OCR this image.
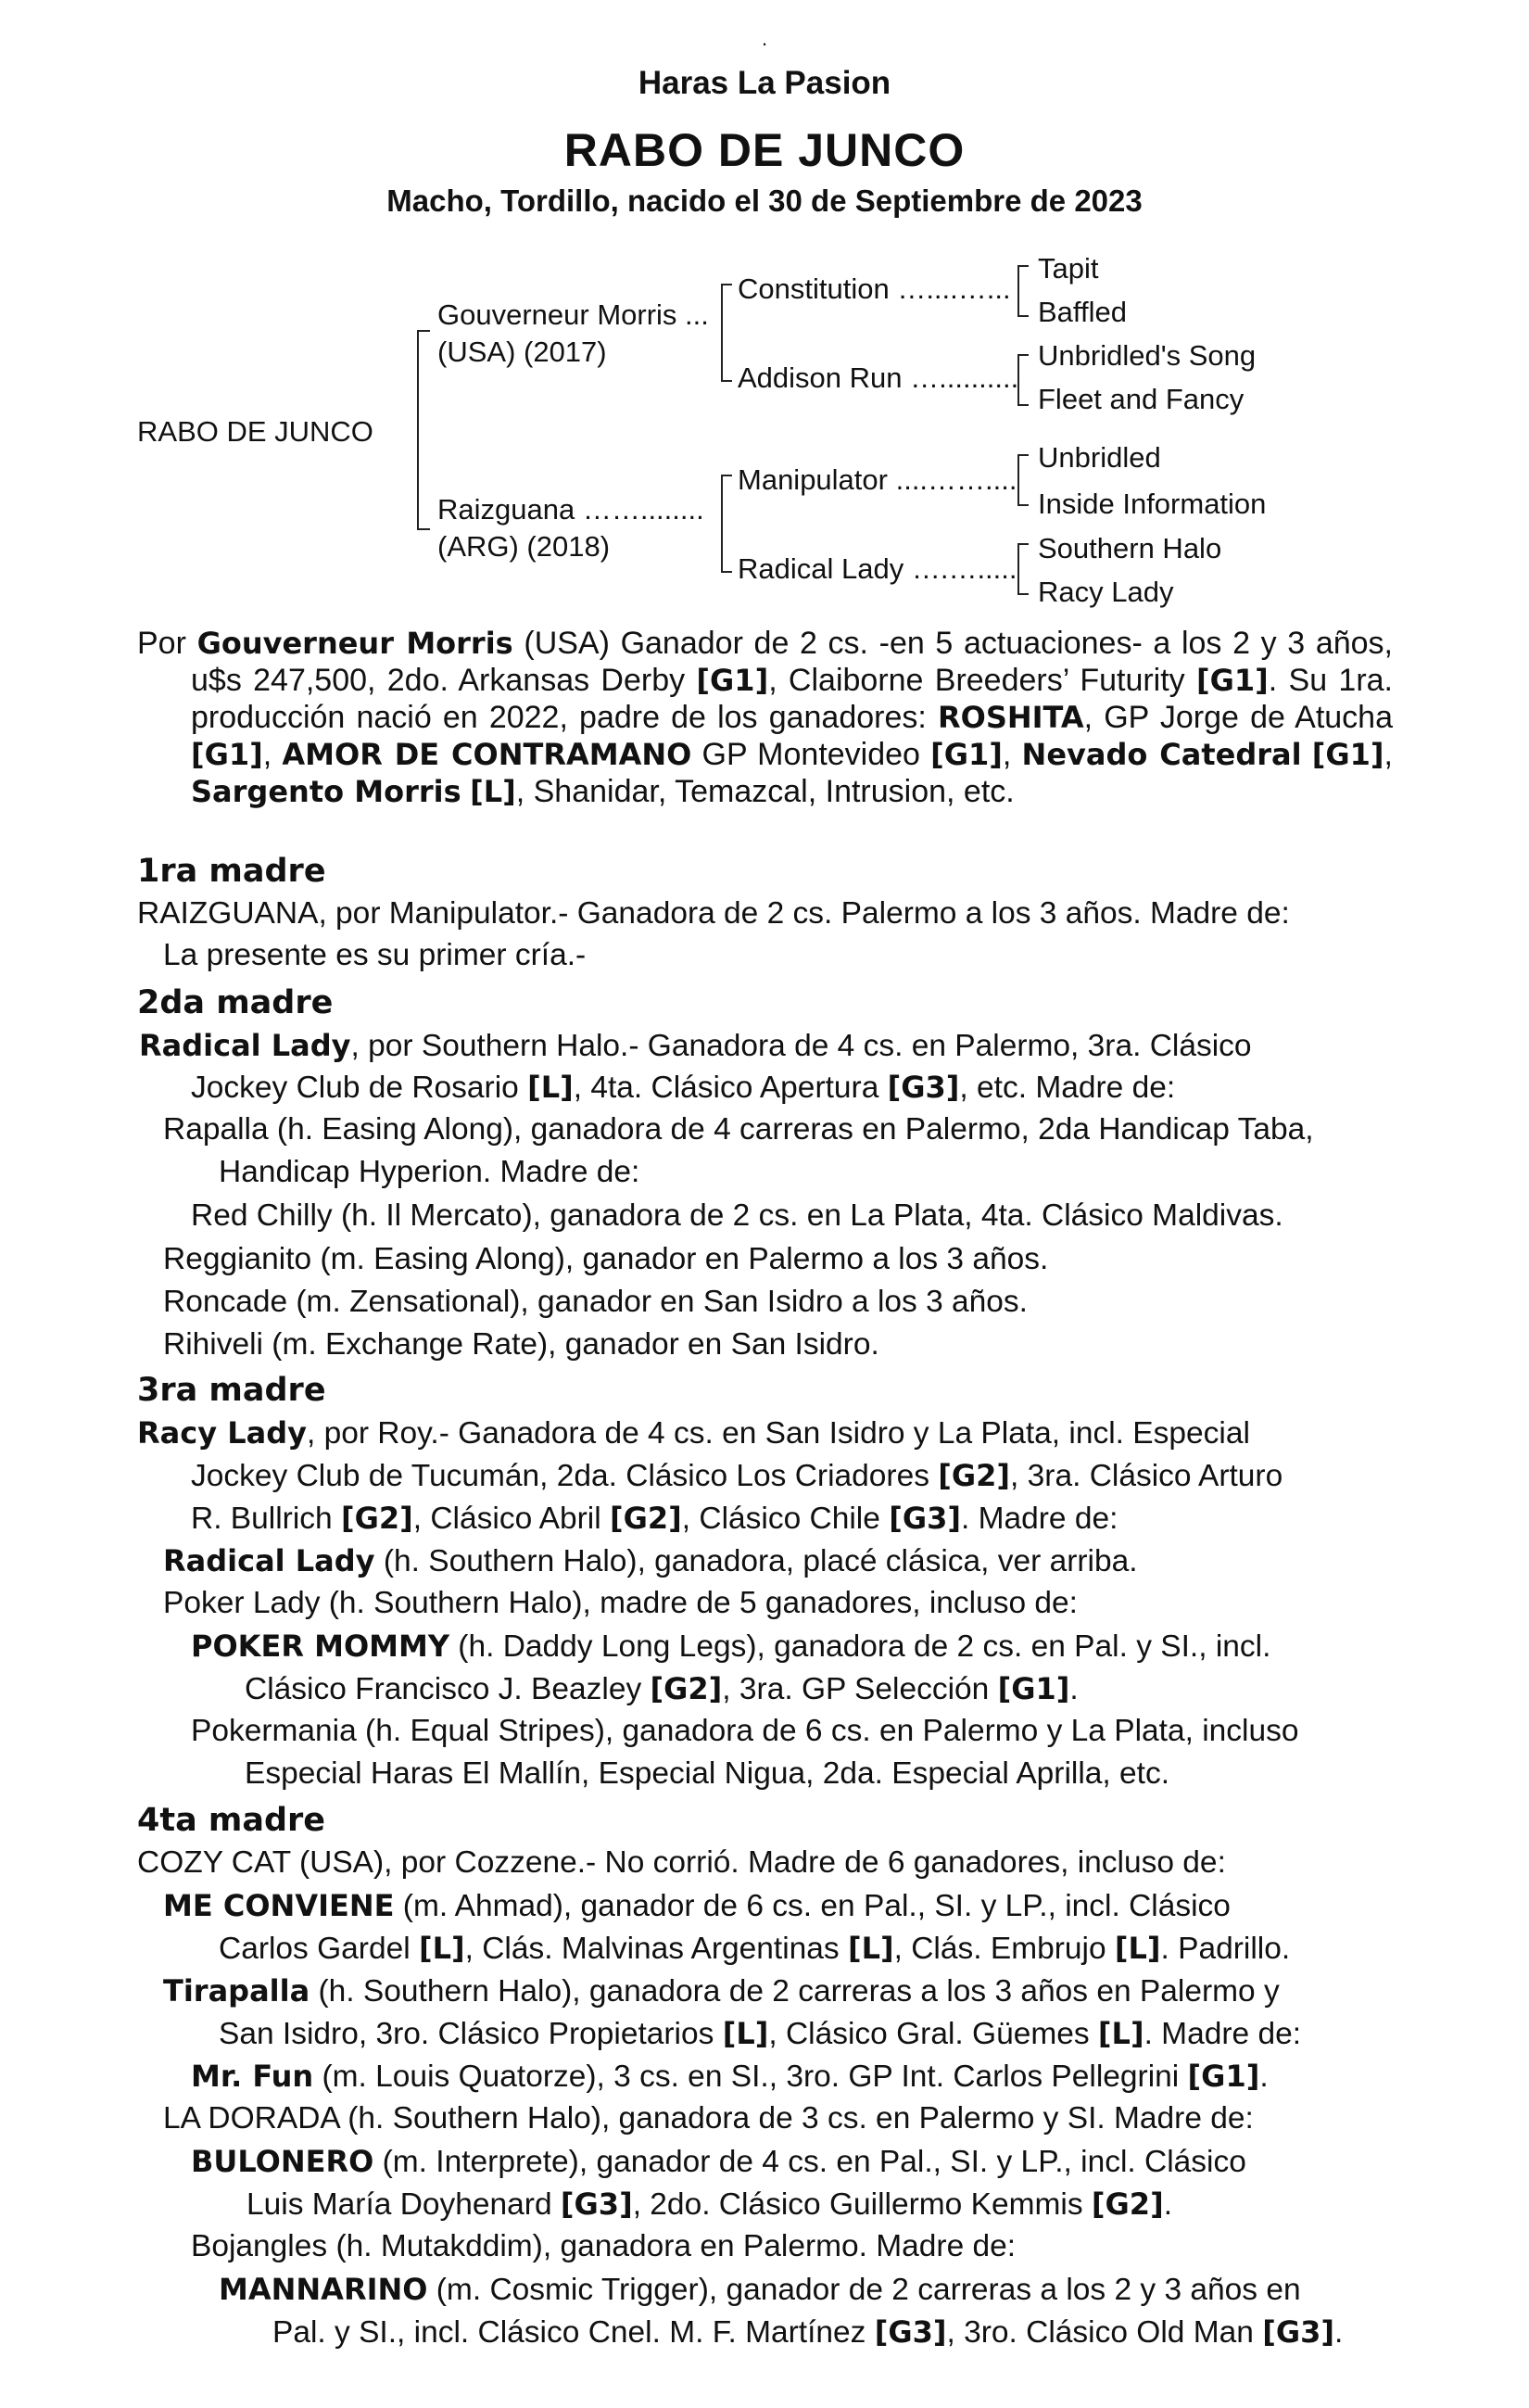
.
Haras La Pasion
RABO DE JUNCO
Macho, Tordillo, nacido el 30 de Septiembre de 2023
RABO DE JUNCO
Gouverneur Morris ...
(USA) (2017)
Raizguana ……........
(ARG) (2018)
Constitution …....…...
Addison Run …..........
Manipulator ....……....
Radical Lady ….….....
Tapit
Baffled
Unbridled's Song
Fleet and Fancy
Unbridled
Inside Information
Southern Halo
Racy Lady
Por Gouverneur Morris (USA) Ganador de 2 cs. -en 5 actuaciones- a los 2 y 3 años, u$s 247,500, 2do. Arkansas Derby [G1], Claiborne Breeders’ Futurity [G1]. Su 1ra. producción nació en 2022, padre de los ganadores: ROSHITA, GP Jorge de Atucha [G1], AMOR DE CONTRAMANO GP Montevideo [G1], Nevado Catedral [G1], Sargento Morris [L], Shanidar, Temazcal, Intrusion, etc.
1ra madre
RAIZGUANA, por Manipulator.- Ganadora de 2 cs. Palermo a los 3 años. Madre de:
La presente es su primer cría.-
2da madre
Radical Lady, por Southern Halo.- Ganadora de 4 cs. en Palermo, 3ra. Clásico
Jockey Club de Rosario [L], 4ta. Clásico Apertura [G3], etc. Madre de:
Rapalla (h. Easing Along), ganadora de 4 carreras en Palermo, 2da Handicap Taba,
Handicap Hyperion. Madre de:
Red Chilly (h. Il Mercato), ganadora de 2 cs. en La Plata, 4ta. Clásico Maldivas.
Reggianito (m. Easing Along), ganador en Palermo a los 3 años.
Roncade (m. Zensational), ganador en San Isidro a los 3 años.
Rihiveli (m. Exchange Rate), ganador en San Isidro.
3ra madre
Racy Lady, por Roy.- Ganadora de 4 cs. en San Isidro y La Plata, incl. Especial
Jockey Club de Tucumán, 2da. Clásico Los Criadores [G2], 3ra. Clásico Arturo
R. Bullrich [G2], Clásico Abril [G2], Clásico Chile [G3]. Madre de:
Radical Lady (h. Southern Halo), ganadora, placé clásica, ver arriba.
Poker Lady (h. Southern Halo), madre de 5 ganadores, incluso de:
POKER MOMMY (h. Daddy Long Legs), ganadora de 2 cs. en Pal. y SI., incl.
Clásico Francisco J. Beazley [G2], 3ra. GP Selección [G1].
Pokermania (h. Equal Stripes), ganadora de 6 cs. en Palermo y La Plata, incluso
Especial Haras El Mallín, Especial Nigua, 2da. Especial Aprilla, etc.
4ta madre
COZY CAT (USA), por Cozzene.- No corrió. Madre de 6 ganadores, incluso de:
ME CONVIENE (m. Ahmad), ganador de 6 cs. en Pal., SI. y LP., incl. Clásico
Carlos Gardel [L], Clás. Malvinas Argentinas [L], Clás. Embrujo [L]. Padrillo.
Tirapalla (h. Southern Halo), ganadora de 2 carreras a los 3 años en Palermo y
San Isidro, 3ro. Clásico Propietarios [L], Clásico Gral. Güemes [L]. Madre de:
Mr. Fun (m. Louis Quatorze), 3 cs. en SI., 3ro. GP Int. Carlos Pellegrini [G1].
LA DORADA (h. Southern Halo), ganadora de 3 cs. en Palermo y SI. Madre de:
BULONERO (m. Interprete), ganador de 4 cs. en Pal., SI. y LP., incl. Clásico
Luis María Doyhenard [G3], 2do. Clásico Guillermo Kemmis [G2].
Bojangles (h. Mutakddim), ganadora en Palermo. Madre de:
MANNARINO (m. Cosmic Trigger), ganador de 2 carreras a los 2 y 3 años en
Pal. y SI., incl. Clásico Cnel. M. F. Martínez [G3], 3ro. Clásico Old Man [G3].
